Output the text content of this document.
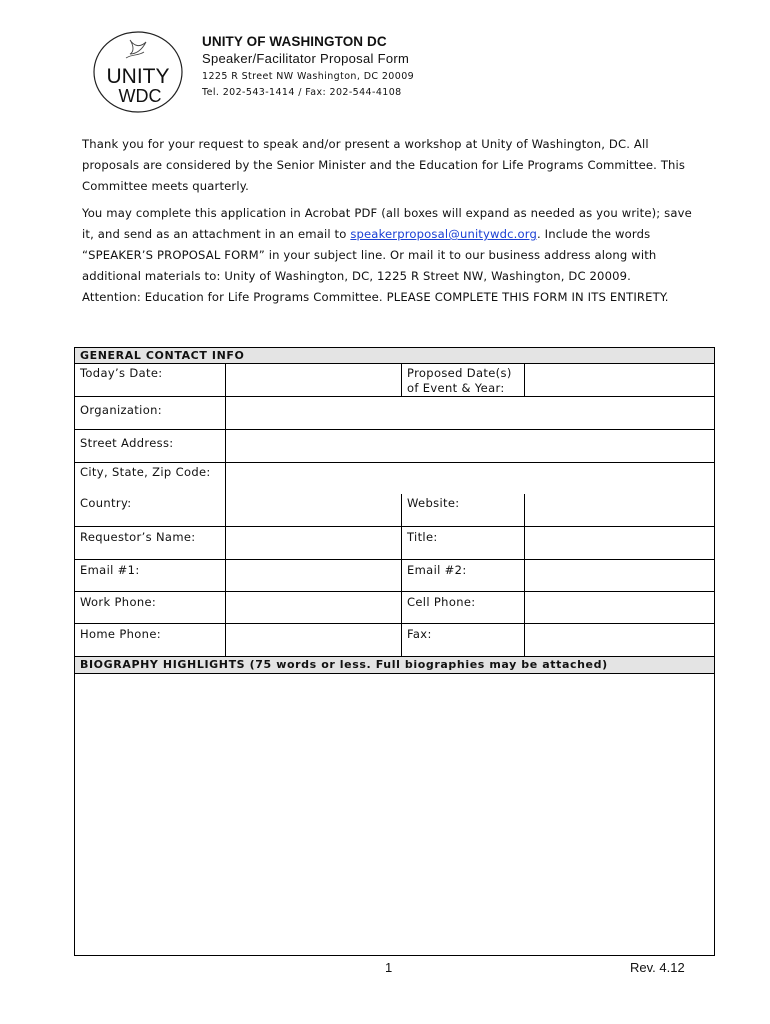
UNITY
WDC
UNITY OF WASHINGTON DC
Speaker/Facilitator Proposal Form
1225 R Street NW Washington, DC 20009
Tel. 202-543-1414 / Fax: 202-544-4108

Thank you for your request to speak and/or present a workshop at Unity of Washington, DC. All proposals are considered by the Senior Minister and the Education for Life Programs Committee. This Committee meets quarterly.

You may complete this application in Acrobat PDF (all boxes will expand as needed as you write); save it, and send as an attachment in an email to speakerproposal@unitywdc.org. Include the words “SPEAKER’S PROPOSAL FORM” in your subject line. Or mail it to our business address along with additional materials to: Unity of Washington, DC, 1225 R Street NW, Washington, DC 20009. Attention: Education for Life Programs Committee. PLEASE COMPLETE THIS FORM IN ITS ENTIRETY.

GENERAL CONTACT INFO
Today’s Date:	Proposed Date(s) of Event & Year:
Organization:
Street Address:
City, State, Zip Code:
Country:	Website:
Requestor’s Name:	Title:
Email #1:	Email #2:
Work Phone:	Cell Phone:
Home Phone:	Fax:
BIOGRAPHY HIGHLIGHTS (75 words or less. Full biographies may be attached)
1	Rev. 4.12
